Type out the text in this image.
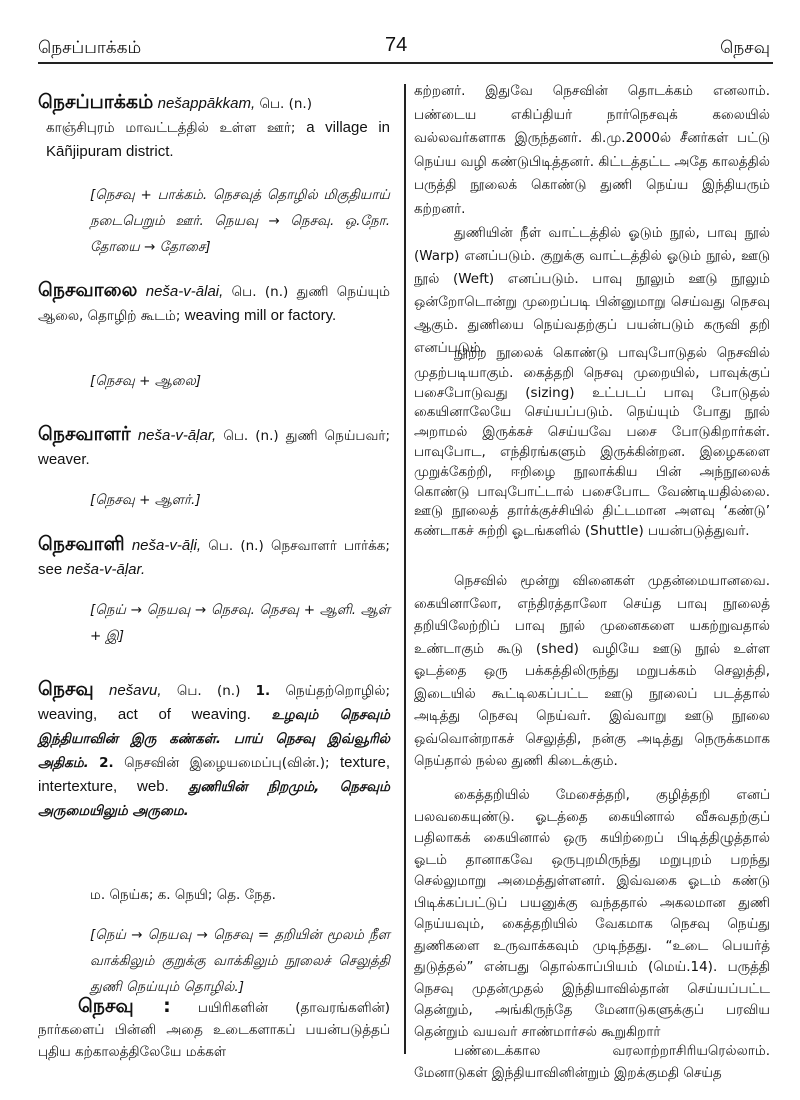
நெசப்பாக்கம்	74	நெசவு
நெசப்பாக்கம் nešappākkam, பெ. (n.)
காஞ்சிபுரம் மாவட்டத்தில் உள்ள ஊர்; a village in Kāñjipuram district.
[நெசவு + பாக்கம். நெசவுத் தொழில் மிகுதியாய் நடைபெறும் ஊர். நெயவு → நெசவு. ஒ.நோ. தோயை → தோசை]
நெசவாலை neša-v-ālai, பெ. (n.) துணி நெய்யும் ஆலை, தொழிற் கூடம்; weaving mill or factory.
[நெசவு + ஆலை]
நெசவாளர் neša-v-āḷar, பெ. (n.) துணி நெய்பவர்; weaver.
[நெசவு + ஆளர்.]
நெசவாளி neša-v-āḷi, பெ. (n.) நெசவாளர் பார்க்க; see neša-v-āḷar.
[நெய் → நெயவு → நெசவு. நெசவு + ஆளி. ஆள் + இ]
நெசவு nešavu, பெ. (n.) 1. நெய்தற்றொழில்; weaving, act of weaving. உழவும் நெசவும் இந்தியாவின் இரு கண்கள். பாய் நெசவு இவ்வூரில் அதிகம். 2. நெசவின் இழையமைப்பு(வின்.); texture, intertexture, web. துணியின் நிறமும், நெசவும் அருமையிலும் அருமை.
ம. நெய்க; க. நெயி; தெ. நேத.
[நெய் → நெயவு → நெசவு = தறியின் மூலம் நீள வாக்கிலும் குறுக்கு வாக்கிலும் நூலைச் செலுத்தி துணி நெய்யும் தொழில்.]
நெசவு : பயிரிகளின் (தாவரங்களின்) நார்களைப் பின்னி அதை உடைகளாகப் பயன்படுத்தப் புதிய கற்காலத்திலேயே மக்கள்
கற்றனர். இதுவே நெசவின் தொடக்கம் எனலாம். பண்டைய எகிப்தியர் நார்நெசவுக் கலையில் வல்லவர்களாக இருந்தனர். கி.மு.2000ல் சீனர்கள் பட்டு நெய்ய வழி கண்டுபிடித்தனர். கிட்டத்தட்ட அதே காலத்தில் பருத்தி நூலைக் கொண்டு துணி நெய்ய இந்தியரும் கற்றனர்.
துணியின் நீள் வாட்டத்தில் ஓடும் நூல், பாவு நூல் (Warp) எனப்படும். குறுக்கு வாட்டத்தில் ஓடும் நூல், ஊடு நூல் (Weft) எனப்படும். பாவு நூலும் ஊடு நூலும் ஒன்றோடொன்று முறைப்படி பின்னுமாறு செய்வது நெசவு ஆகும். துணியை நெய்வதற்குப் பயன்படும் கருவி தறி எனப்படும்.
நூற்ற நூலைக் கொண்டு பாவுபோடுதல் நெசவில் முதற்படியாகும். கைத்தறி நெசவு முறையில், பாவுக்குப் பசைபோடுவது (sizing) உட்படப் பாவு போடுதல் கையினாலேயே செய்யப்படும். நெய்யும் போது நூல் அறாமல் இருக்கச் செய்யவே பசை போடுகிறார்கள். பாவுபோட, எந்திரங்களும் இருக்கின்றன. இழைகளை முறுக்கேற்றி, ஈறிழை நூலாக்கிய பின் அந்நூலைக் கொண்டு பாவுபோட்டால் பசைபோட வேண்டியதில்லை. ஊடு நூலைத் தார்க்குச்சியில் திட்டமான அளவு ‘கண்டு’ கண்டாகச் சுற்றி ஓடங்களில் (Shuttle) பயன்படுத்துவர்.
நெசவில் மூன்று வினைகள் முதன்மையானவை. கையினாலோ, எந்திரத்தாலோ செய்த பாவு நூலைத் தறியிலேற்றிப் பாவு நூல் முனைகளை யகற்றுவதால் உண்டாகும் கூடு (shed) வழியே ஊடு நூல் உள்ள ஓடத்தை ஒரு பக்கத்திலிருந்து மறுபக்கம் செலுத்தி, இடையில் கூட்டிலகப்பட்ட ஊடு நூலைப் படத்தால் அடித்து நெசவு நெய்வர். இவ்வாறு ஊடு நூலை ஒவ்வொன்றாகச் செலுத்தி, நன்கு அடித்து நெருக்கமாக நெய்தால் நல்ல துணி கிடைக்கும்.
கைத்தறியில் மேசைத்தறி, குழித்தறி எனப் பலவகையுண்டு. ஓடத்தை கையினால் வீசுவதற்குப் பதிலாகக் கையினால் ஒரு கயிற்றைப் பிடித்திழுத்தால் ஓடம் தானாகவே ஒருபுறமிருந்து மறுபுறம் பறந்து செல்லுமாறு அமைத்துள்ளனர். இவ்வகை ஓடம் கண்டு பிடிக்கப்பட்டுப் பயனுக்கு வந்ததால் அகலமான துணி நெய்யவும், கைத்தறியில் வேகமாக நெசவு நெய்து துணிகளை உருவாக்கவும் முடிந்தது. “உடை பெயர்த் துடுத்தல்” என்பது தொல்காப்பியம் (மெய்.14). பருத்தி நெசவு முதன்முதல் இந்தியாவில்தான் செய்யப்பட்ட தென்றும், அங்கிருந்தே மேனாடுகளுக்குப் பரவிய தென்றும் வயவர் சாண்மார்சல் கூறுகிறார்
பண்டைக்கால வரலாற்றாசிரியரெல்லாம். மேனாடுகள் இந்தியாவினின்றும் இறக்குமதி செய்த
